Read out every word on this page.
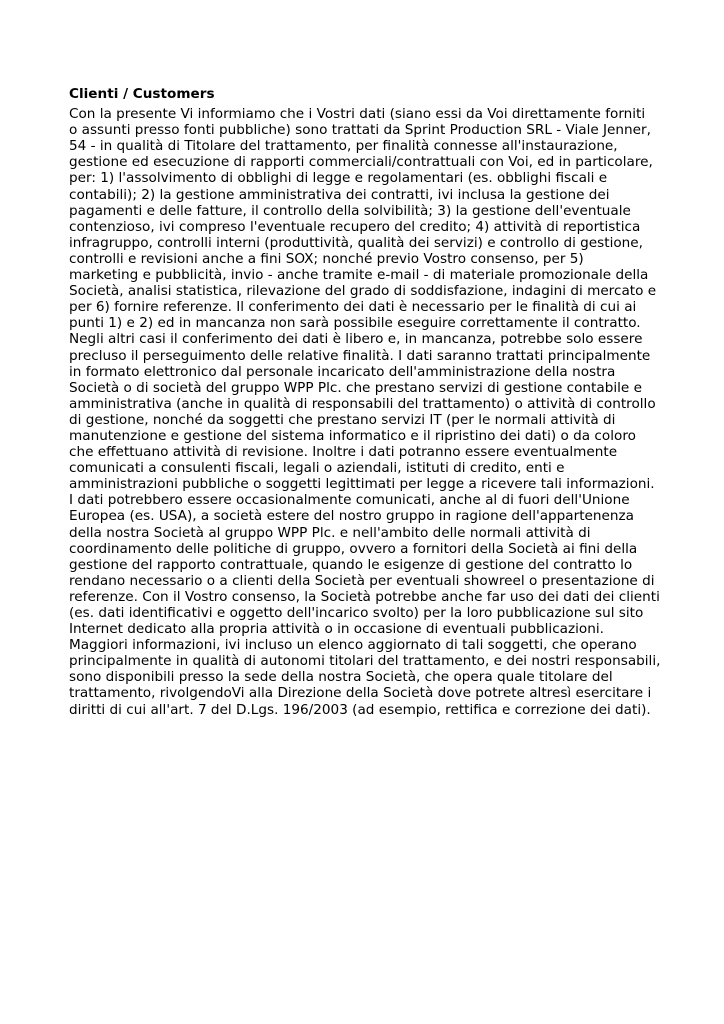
Clienti / Customers
Con la presente Vi informiamo che i Vostri dati (siano essi da Voi direttamente forniti
o assunti presso fonti pubbliche) sono trattati da Sprint Production SRL - Viale Jenner,
54 - in qualità di Titolare del trattamento, per finalità connesse all'instaurazione,
gestione ed esecuzione di rapporti commerciali/contrattuali con Voi, ed in particolare,
per: 1) l'assolvimento di obblighi di legge e regolamentari (es. obblighi fiscali e
contabili); 2) la gestione amministrativa dei contratti, ivi inclusa la gestione dei
pagamenti e delle fatture, il controllo della solvibilità; 3) la gestione dell'eventuale
contenzioso, ivi compreso l'eventuale recupero del credito; 4) attività di reportistica
infragruppo, controlli interni (produttività, qualità dei servizi) e controllo di gestione,
controlli e revisioni anche a fini SOX; nonché previo Vostro consenso, per 5)
marketing e pubblicità, invio - anche tramite e-mail - di materiale promozionale della
Società, analisi statistica, rilevazione del grado di soddisfazione, indagini di mercato e
per 6) fornire referenze. Il conferimento dei dati è necessario per le finalità di cui ai
punti 1) e 2) ed in mancanza non sarà possibile eseguire correttamente il contratto.
Negli altri casi il conferimento dei dati è libero e, in mancanza, potrebbe solo essere
precluso il perseguimento delle relative finalità. I dati saranno trattati principalmente
in formato elettronico dal personale incaricato dell'amministrazione della nostra
Società o di società del gruppo WPP Plc. che prestano servizi di gestione contabile e
amministrativa (anche in qualità di responsabili del trattamento) o attività di controllo
di gestione, nonché da soggetti che prestano servizi IT (per le normali attività di
manutenzione e gestione del sistema informatico e il ripristino dei dati) o da coloro
che effettuano attività di revisione. Inoltre i dati potranno essere eventualmente
comunicati a consulenti fiscali, legali o aziendali, istituti di credito, enti e
amministrazioni pubbliche o soggetti legittimati per legge a ricevere tali informazioni.
I dati potrebbero essere occasionalmente comunicati, anche al di fuori dell'Unione
Europea (es. USA), a società estere del nostro gruppo in ragione dell'appartenenza
della nostra Società al gruppo WPP Plc. e nell'ambito delle normali attività di
coordinamento delle politiche di gruppo, ovvero a fornitori della Società ai fini della
gestione del rapporto contrattuale, quando le esigenze di gestione del contratto lo
rendano necessario o a clienti della Società per eventuali showreel o presentazione di
referenze. Con il Vostro consenso, la Società potrebbe anche far uso dei dati dei clienti
(es. dati identificativi e oggetto dell'incarico svolto) per la loro pubblicazione sul sito
Internet dedicato alla propria attività o in occasione di eventuali pubblicazioni.
Maggiori informazioni, ivi incluso un elenco aggiornato di tali soggetti, che operano
principalmente in qualità di autonomi titolari del trattamento, e dei nostri responsabili,
sono disponibili presso la sede della nostra Società, che opera quale titolare del
trattamento, rivolgendoVi alla Direzione della Società dove potrete altresì esercitare i
diritti di cui all'art. 7 del D.Lgs. 196/2003 (ad esempio, rettifica e correzione dei dati).
